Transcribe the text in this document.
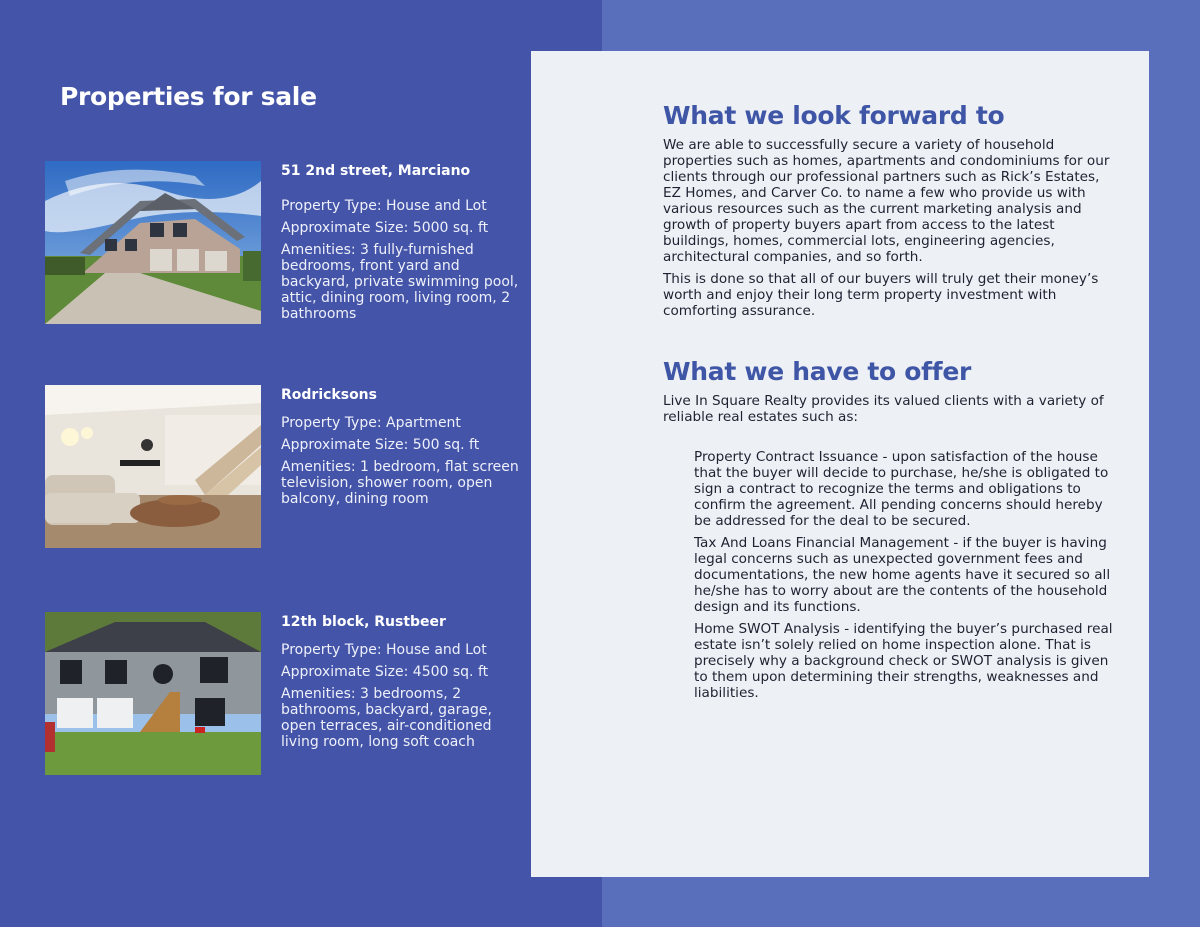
Properties for sale

51 2nd street, Marciano

Property Type: House and Lot

Approximate Size: 5000 sq. ft

Amenities: 3 fully-furnished bedrooms, front yard and backyard, private swimming pool, attic, dining room, living room, 2 bathrooms

Rodricksons

Property Type: Apartment

Approximate Size: 500 sq. ft

Amenities: 1 bedroom, flat screen television, shower room, open balcony, dining room

12th block, Rustbeer

Property Type: House and Lot

Approximate Size: 4500 sq. ft

Amenities: 3 bedrooms, 2 bathrooms, backyard, garage, open terraces, air-conditioned living room, long soft coach

What we look forward to

We are able to successfully secure a variety of household properties such as homes, apartments and condominiums for our clients through our professional partners such as Rick’s Estates, EZ Homes, and Carver Co. to name a few who provide us with various resources such as the current marketing analysis and growth of property buyers apart from access to the latest buildings, homes, commercial lots, engineering agencies, architectural companies, and so forth.

This is done so that all of our buyers will truly get their money’s worth and enjoy their long term property investment with comforting assurance.

What we have to offer

Live In Square Realty provides its valued clients with a variety of reliable real estates such as:

Property Contract Issuance - upon satisfaction of the house that the buyer will decide to purchase, he/she is obligated to sign a contract to recognize the terms and obligations to confirm the agreement. All pending concerns should hereby be addressed for the deal to be secured.
Tax And Loans Financial Management - if the buyer is having legal concerns such as unexpected government fees and documentations, the new home agents have it secured so all he/she has to worry about are the contents of the household design and its functions.
Home SWOT Analysis - identifying the buyer’s purchased real estate isn’t solely relied on home inspection alone. That is precisely why a background check or SWOT analysis is given to them upon determining their strengths, weaknesses and liabilities.
